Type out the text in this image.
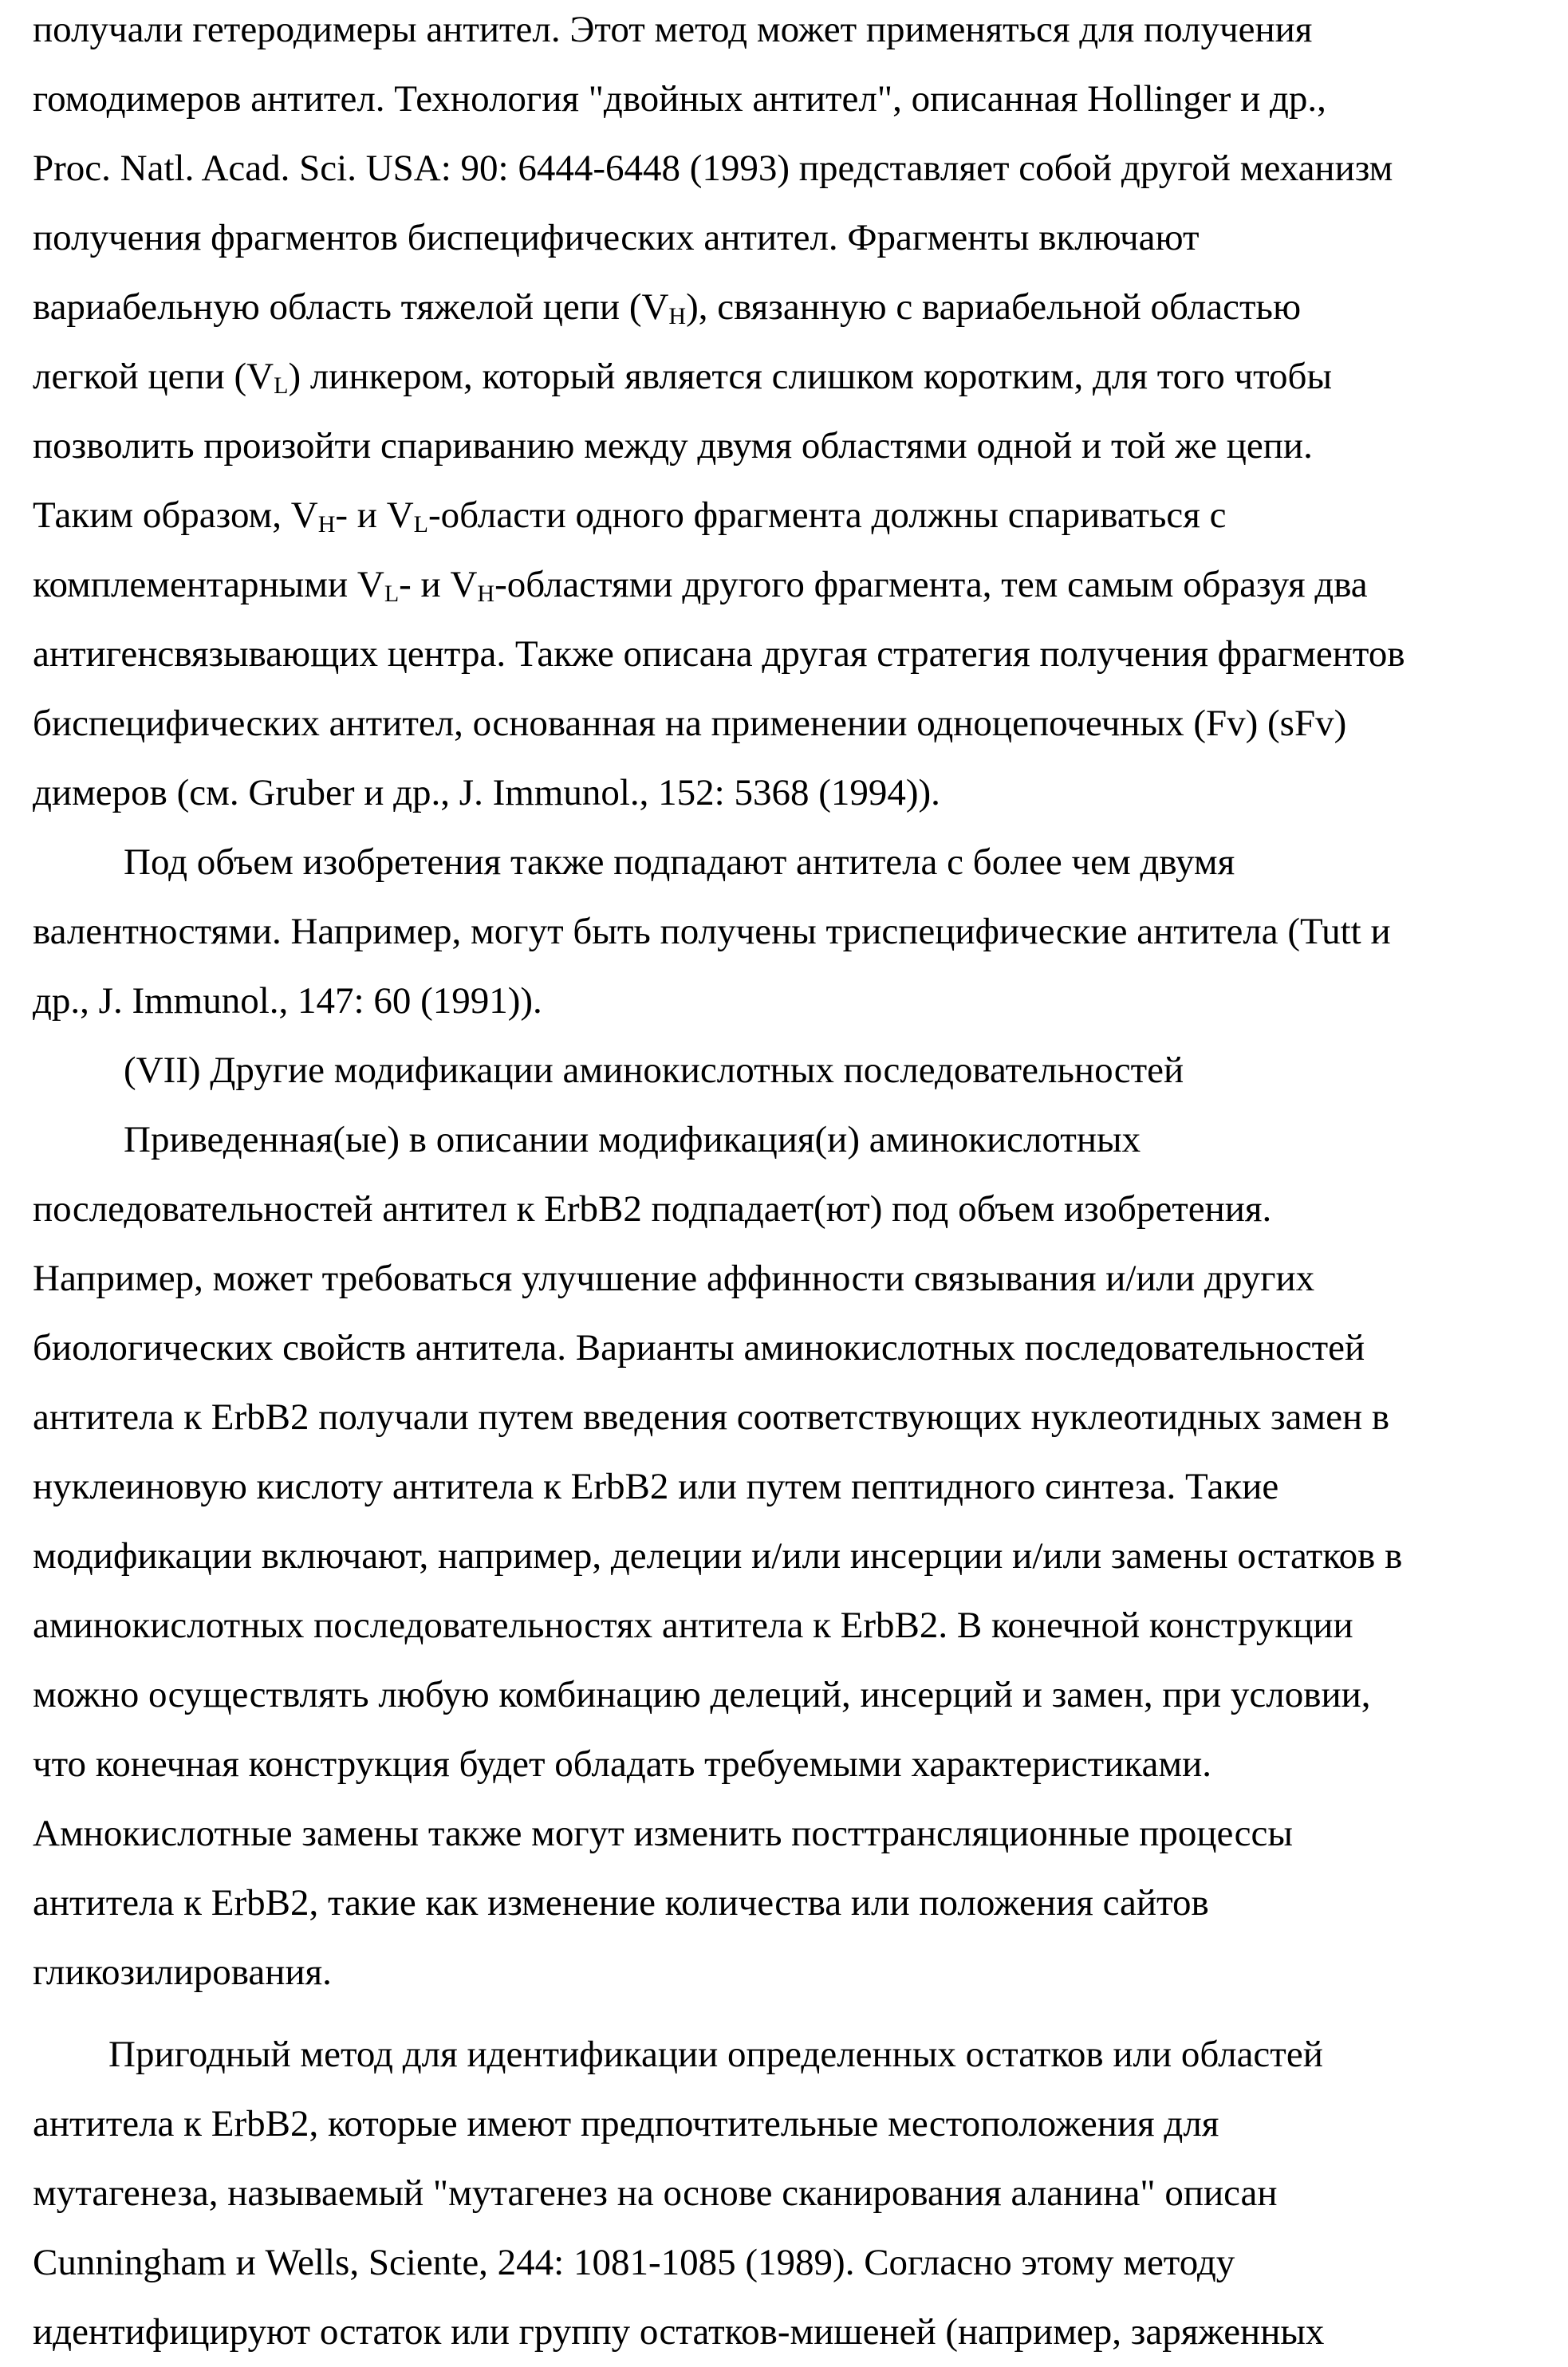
получали гетеродимеры антител. Этот метод может применяться для получения
гомодимеров антител. Технология "двойных антител", описанная Hollinger и др.,
Proc. Natl. Acad. Sci. USA: 90: 6444-6448 (1993) представляет собой другой механизм
получения фрагментов биспецифических антител. Фрагменты включают
вариабельную область тяжелой цепи (VH), связанную с вариабельной областью
легкой цепи (VL) линкером, который является слишком коротким, для того чтобы
позволить произойти спариванию между двумя областями одной и той же цепи.
Таким образом, VH- и VL-области одного фрагмента должны спариваться с
комплементарными VL- и VH-областями другого фрагмента, тем самым образуя два
антигенсвязывающих центра. Также описана другая стратегия получения фрагментов
биспецифических антител, основанная на применении одноцепочечных (Fv) (sFv)
димеров (см. Gruber и др., J. Immunol., 152: 5368 (1994)).
Под объем изобретения также подпадают антитела с более чем двумя
валентностями. Например, могут быть получены триспецифические антитела (Tutt и
др., J. Immunol., 147: 60 (1991)).
(VII) Другие модификации аминокислотных последовательностей
Приведенная(ые) в описании модификация(и) аминокислотных
последовательностей антител к ErbB2 подпадает(ют) под объем изобретения.
Например, может требоваться улучшение аффинности связывания и/или других
биологических свойств антитела. Варианты аминокислотных последовательностей
антитела к ErbB2 получали путем введения соответствующих нуклеотидных замен в
нуклеиновую кислоту антитела к ErbB2 или путем пептидного синтеза. Такие
модификации включают, например, делеции и/или инсерции и/или замены остатков в
аминокислотных последовательностях антитела к ErbB2. В конечной конструкции
можно осуществлять любую комбинацию делеций, инсерций и замен, при условии,
что конечная конструкция будет обладать требуемыми характеристиками.
Амнокислотные замены также могут изменить посттрансляционные процессы
антитела к ErbB2, такие как изменение количества или положения сайтов
гликозилирования.
Пригодный метод для идентификации определенных остатков или областей
антитела к ErbB2, которые имеют предпочтительные местоположения для
мутагенеза, называемый "мутагенез на основе сканирования аланина" описан
Cunningham и Wells, Sciente, 244: 1081-1085 (1989). Согласно этому методу
идентифицируют остаток или группу остатков-мишеней (например, заряженных
